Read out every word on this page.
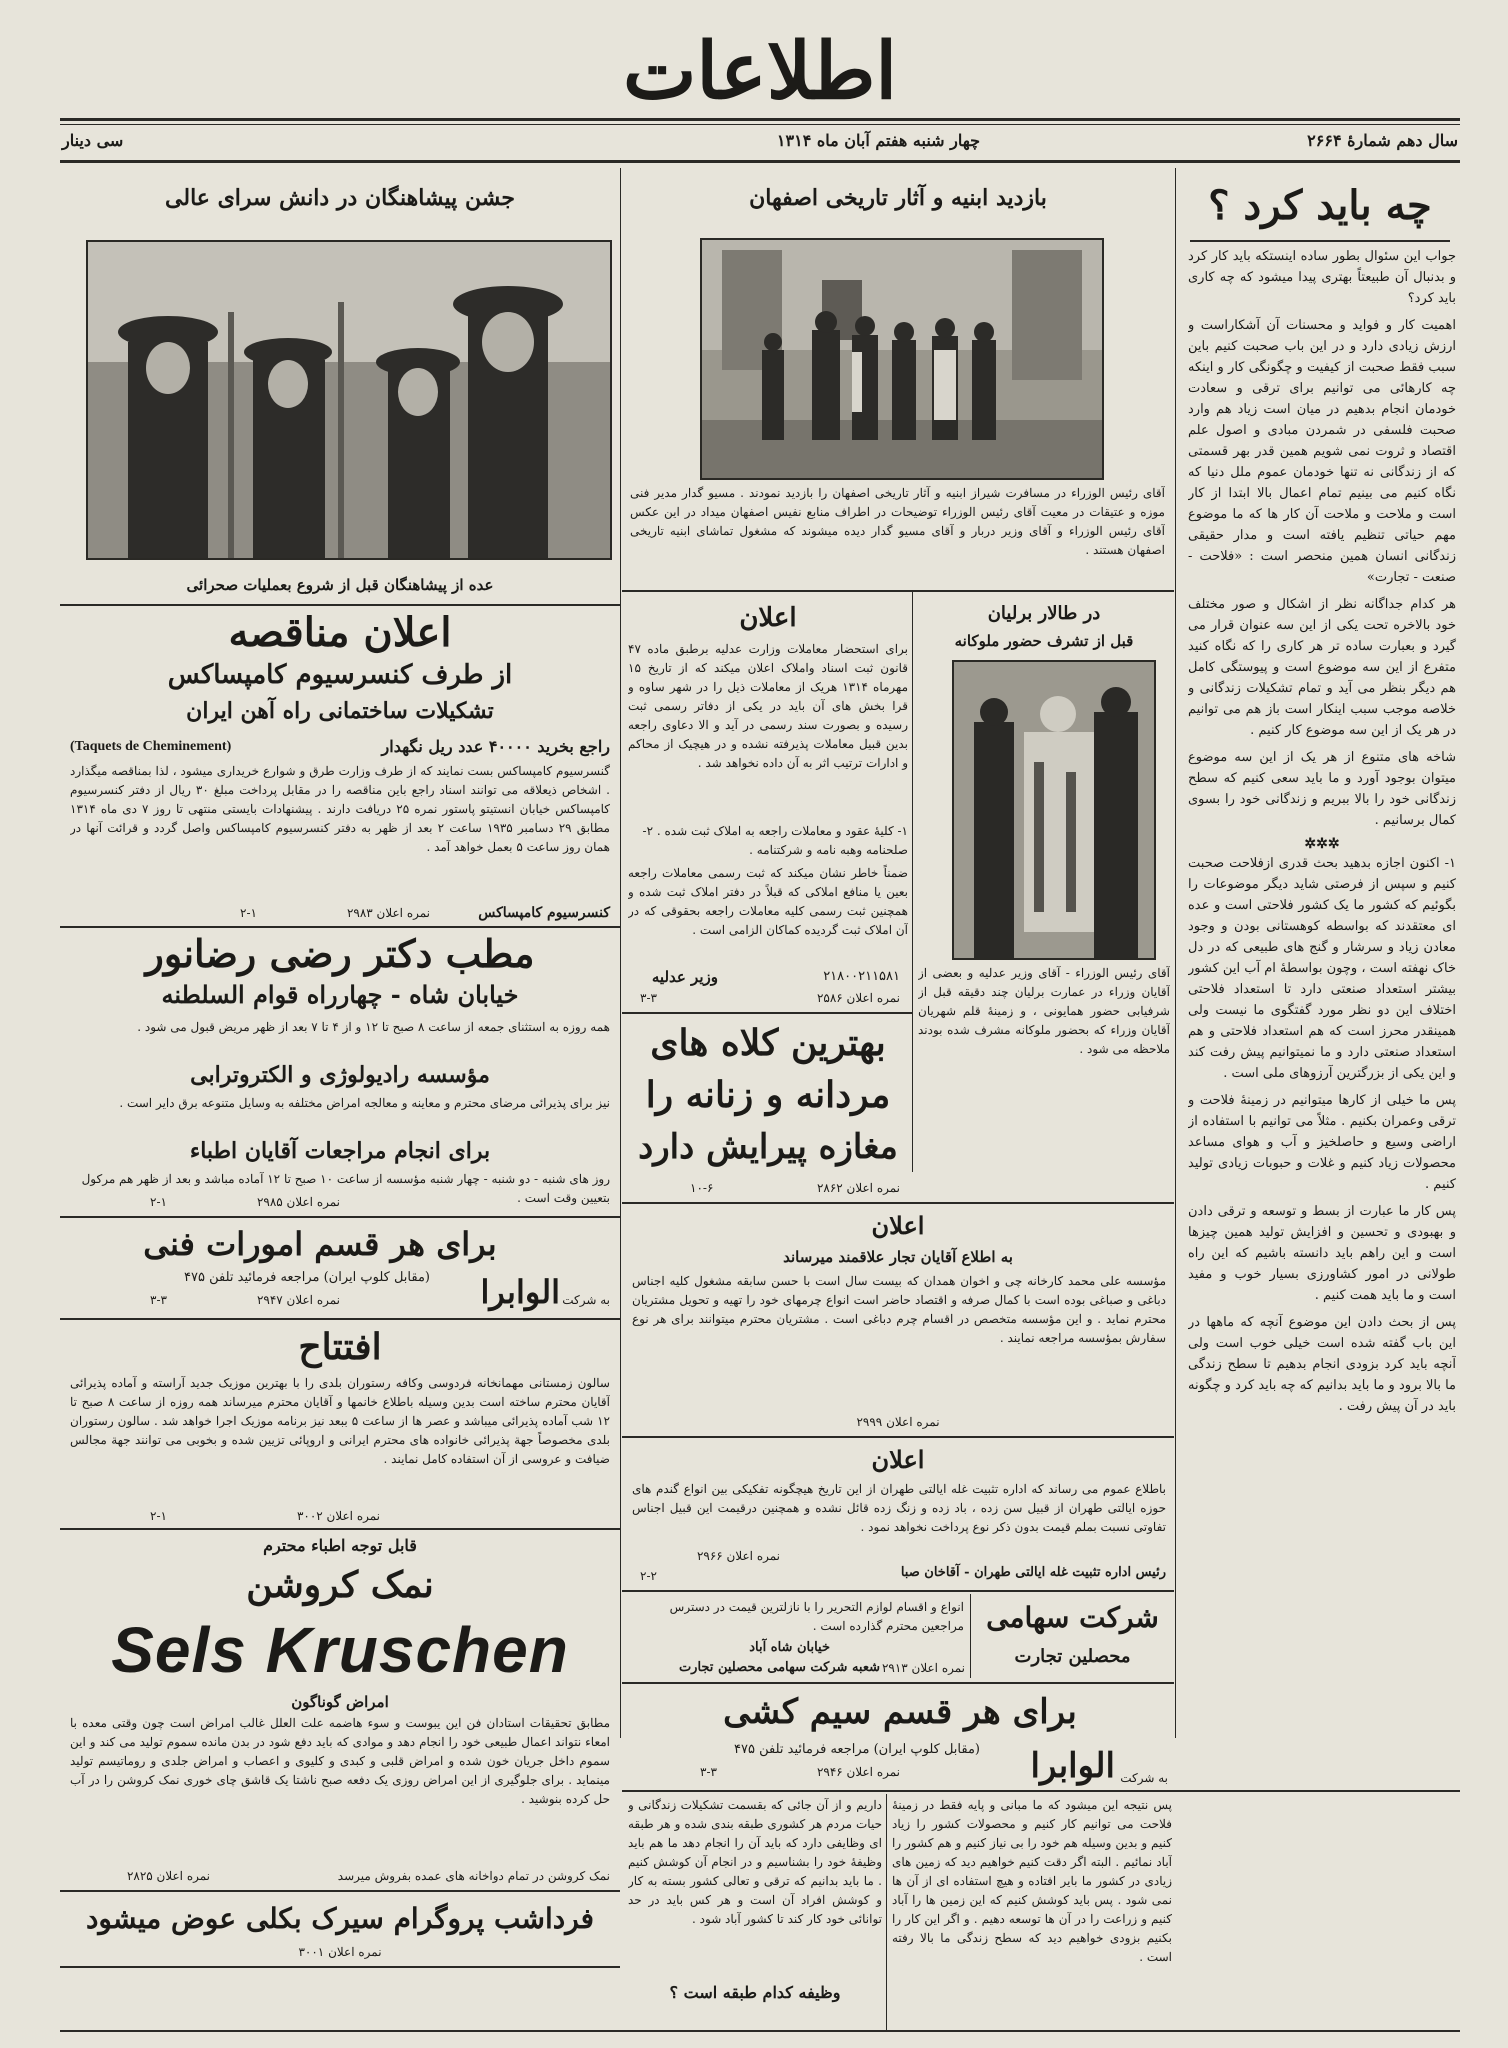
اطلاعات
سال دهم شمارهٔ ۲۶۶۴
چهار شنبه هفتم آبان ماه ۱۳۱۴
سی دینار
چه باید کرد ؟

جواب این سئوال بطور ساده اینستکه باید کار کرد و بدنبال آن طبیعتاً بهتری پیدا میشود که چه کاری باید کرد؟

اهمیت کار و فواید و محسنات آن آشکاراست و ارزش زیادی دارد و در این باب صحبت کنیم باین سبب فقط صحبت از کیفیت و چگونگی کار و اینکه چه کارهائی می توانیم برای ترقی و سعادت خودمان انجام بدهیم در میان است زیاد هم وارد صحبت فلسفی در شمردن مبادی و اصول علم اقتصاد و ثروت نمی شویم همین قدر بهر قسمتی که از زندگانی نه تنها خودمان عموم ملل دنیا که نگاه کنیم می بینیم تمام اعمال بالا ابتدا از کار است و ملاحت و ملاحت آن کار ها که ما موضوع مهم حیاتی تنظیم یافته است و مدار حقیقی زندگانی انسان همین منحصر است : «فلاحت - صنعت - تجارت»

هر کدام جداگانه نظر از اشکال و صور مختلف خود بالاخره تحت یکی از این سه عنوان قرار می گیرد و بعبارت ساده تر هر کاری را که نگاه کنید متفرع از این سه موضوع است و پیوستگی کامل هم دیگر بنظر می آید و تمام تشکیلات زندگانی و خلاصه موجب سبب اینکار است باز هم می توانیم در هر یک از این سه موضوع کار کنیم .

شاخه های متنوع از هر یک از این سه موضوع میتوان بوجود آورد و ما باید سعی کنیم که سطح زندگانی خود را بالا ببریم و زندگانی خود را بسوی کمال برسانیم .

✲✲✲

۱- اکنون اجازه بدهید بحث قدری ازفلاحت صحبت کنیم و سپس از فرصتی شاید دیگر موضوعات را بگوئیم که کشور ما یک کشور فلاحتی است و عده ای معتقدند که بواسطه کوهستانی بودن و وجود معادن زیاد و سرشار و گنج های طبیعی که در دل خاک نهفته است ، وچون بواسطهٔ ام آب این کشور بیشتر استعداد صنعتی دارد تا استعداد فلاحتی اختلاف این دو نظر مورد گفتگوی ما نیست ولی همینقدر محرز است که هم استعداد فلاحتی و هم استعداد صنعتی دارد و ما نمیتوانیم پیش رفت کند و این یکی از بزرگترین آرزوهای ملی است .

پس ما خیلی از کارها میتوانیم در زمینهٔ فلاحت و ترقی وعمران بکنیم . مثلاً می توانیم با استفاده از اراضی وسیع و حاصلخیز و آب و هوای مساعد محصولات زیاد کنیم و غلات و حبوبات زیادی تولید کنیم .

پس کار ما عبارت از بسط و توسعه و ترقی دادن و بهبودی و تحسین و افزایش تولید همین چیزها است و این راهم باید دانسته باشیم که این راه طولانی در امور کشاورزی بسیار خوب و مفید است و ما باید همت کنیم .

پس از بحث دادن این موضوع آنچه که ماهها در این باب گفته شده است خیلی خوب است ولی آنچه باید کرد بزودی انجام بدهیم تا سطح زندگی ما بالا برود و ما باید بدانیم که چه باید کرد و چگونه باید در آن پیش رفت .

بازدید ابنیه و آثار تاریخی اصفهان
آقای رئیس الوزراء در مسافرت شیراز ابنیه و آثار تاریخی اصفهان را بازدید نمودند . مسیو گدار مدیر فنی موزه و عتیقات در معیت آقای رئیس الوزراء توضیحات در اطراف منابع نفیس اصفهان میداد در این عکس آقای رئیس الوزراء و آقای وزیر دربار و آقای مسیو گدار دیده میشوند که مشغول تماشای ابنیه تاریخی اصفهان هستند .
جشن پیشاهنگان در دانش سرای عالی
عده از پیشاهنگان قبل از شروع بعملیات صحرائی
اعلان مناقصه
از طرف کنسرسیوم کامپساکس
تشکیلات ساختمانی راه آهن ایران
راجع بخرید ۴۰۰۰۰ عدد ریل نگهدار
(Taquets de Cheminement)
گنسرسیوم کامپساکس بست نمایند که از طرف وزارت طرق و شوارع خریداری میشود ، لذا بمناقصه میگذارد . اشخاص ذیعلاقه می توانند اسناد راجع باین مناقصه را در مقابل پرداخت مبلغ ۳۰ ریال از دفتر کنسرسیوم کامپساکس خیابان انستیتو پاستور نمره ۲۵ دریافت دارند . پیشنهادات بایستی منتهی تا روز ۷ دی ماه ۱۳۱۴ مطابق ۲۹ دسامبر ۱۹۳۵ ساعت ۲ بعد از ظهر به دفتر کنسرسیوم کامپساکس واصل گردد و قرائت آنها در همان روز ساعت ۵ بعمل خواهد آمد .
کنسرسیوم کامپساکس
نمره اعلان ۲۹۸۳
۲-۱
مطب دکتر رضی رضانور
خیابان شاه - چهارراه قوام السلطنه
همه روزه به استثنای جمعه از ساعت ۸ صبح تا ۱۲ و از ۴ تا ۷ بعد از ظهر مریض قبول می شود .
مؤسسه رادیولوژی و الکتروترابی
نیز برای پذیرائی مرضای محترم و معاینه و معالجه امراض مختلفه به وسایل متنوعه برق دایر است .
برای انجام مراجعات آقایان اطباء
روز های شنبه - دو شنبه - چهار شنبه مؤسسه از ساعت ۱۰ صبح تا ۱۲ آماده مباشد و بعد از ظهر هم مرکول بتعیین وقت است .
نمره اعلان ۲۹۸۵
۲-۱
برای هر قسم امورات فنی
به شرکت
الوابرا
(مقابل کلوپ ایران) مراجعه فرمائید تلفن ۴۷۵
نمره اعلان ۲۹۴۷
۳-۳
افتتاح
سالون زمستانی مهمانخانه فردوسی وکافه رستوران بلدی را با بهترین موزیک جدید آراسته و آماده پذیرائی آقایان محترم ساخته است بدین وسیله باطلاع خانمها و آقایان محترم میرساند همه روزه از ساعت ۸ صبح تا ۱۲ شب آماده پذیرائی میباشد و عصر ها از ساعت ۵ ببعد نیز برنامه موزیک اجرا خواهد شد . سالون رستوران بلدی مخصوصاً جهة پذیرائی خانواده های محترم ایرانی و اروپائی تزیین شده و بخوبی می توانند جهة مجالس ضیافت و عروسی از آن استفاده کامل نمایند .
نمره اعلان ۳۰۰۲
۲-۱
قابل توجه اطباء محترم
نمک کروشن
Sels Kruschen
امراض گوناگون
مطابق تحقیقات استادان فن این یبوست و سوء هاضمه علت العلل غالب امراض است چون وقتی معده با امعاء نتواند اعمال طبیعی خود را انجام دهد و موادی که باید دفع شود در بدن مانده سموم تولید می کند و این سموم داخل جریان خون شده و امراض قلبی و کبدی و کلیوی و اعصاب و امراض جلدی و روماتیسم تولید مینماید . برای جلوگیری از این امراض روزی یک دفعه صبح ناشتا یک قاشق چای خوری نمک کروشن را در آب حل کرده بنوشید .
نمک کروشن در تمام دواخانه های عمده بفروش میرسد
نمره اعلان ۲۸۲۵
فرداشب پروگرام سیرک بکلی عوض میشود
نمره اعلان ۳۰۰۱
در طالار برلیان
قبل از تشرف حضور ملوکانه
آقای رئیس الوزراء - آقای وزیر عدلیه و بعضی از آقایان وزراء در عمارت برلیان چند دقیقه قبل از شرفیابی حضور همایونی ، و زمینهٔ قلم شهریان آقایان وزراء که بحضور ملوکانه مشرف شده بودند ملاحظه می شود .
اعلان
برای استحضار معاملات وزارت عدلیه برطبق ماده ۴۷ قانون ثبت اسناد واملاک اعلان میکند که از تاریخ ۱۵ مهرماه ۱۳۱۴ هریک از معاملات ذیل را در شهر ساوه و قرا بخش های آن باید در یکی از دفاتر رسمی ثبت رسیده و بصورت سند رسمی در آید و الا دعاوی راجعه بدین قبیل معاملات پذیرفته نشده و در هیچیک از محاکم و ادارات ترتیب اثر به آن داده نخواهد شد .
۱- کلیهٔ عقود و معاملات راجعه به املاک ثبت شده . ۲- صلحنامه وهبه نامه و شرکتنامه .
ضمناً خاطر نشان میکند که ثبت رسمی معاملات راجعه بعین یا منافع املاکی که قبلاً در دفتر املاک ثبت شده و همچنین ثبت رسمی کلیه معاملات راجعه بحقوقی که در آن املاک ثبت گردیده کماکان الزامی است .
وزیر عدلیه	۲۱۸۰۰۲۱۱۵۸۱
نمره اعلان ۲۵۸۶
۳-۳
بهترین کلاه های
مردانه و زنانه را
مغازه پیرایش دارد
نمره اعلان ۲۸۶۲
۱۰-۶
اعلان
به اطلاع آقایان تجار علاقمند میرساند
مؤسسه علی محمد کارخانه چی و اخوان همدان که بیست سال است با حسن سابقه مشغول کلیه اجناس دباغی و صباغی بوده است با کمال صرفه و اقتصاد حاضر است انواع چرمهای خود را تهیه و تحویل مشتریان محترم نماید . و این مؤسسه متخصص در اقسام چرم دباغی است . مشتریان محترم میتوانند برای هر نوع سفارش بمؤسسه مراجعه نمایند .
نمره اعلان ۲۹۹۹
اعلان
باطلاع عموم می رساند که اداره تثبیت غله ایالتی طهران از این تاریخ هیچگونه تفکیکی بین انواع گندم های حوزه ایالتی طهران از قبیل سن زده ، باد زده و زنگ زده قائل نشده و همچنین درقیمت این قبیل اجناس تفاوتی نسبت بملم قیمت بدون ذکر نوع پرداخت نخواهد نمود .
رئیس اداره تثبیت غله ایالتی طهران - آقاخان صبا
نمره اعلان ۲۹۶۶
۲-۲
شرکت سهامی
محصلین تجارت
انواع و اقسام لوازم التحریر را با نازلترین قیمت در دسترس مراجعین محترم گذارده است .
خیابان شاه آباد
شعبه شرکت سهامی محصلین تجارت نمره اعلان ۲۹۱۳
برای هر قسم سیم کشی
به شرکت
الوابرا
(مقابل کلوپ ایران) مراجعه فرمائید تلفن ۴۷۵
نمره اعلان ۲۹۴۶
۳-۳
پس نتیجه این میشود که ما مبانی و پایه فقط در زمینهٔ فلاحت می توانیم کار کنیم و محصولات کشور را زیاد کنیم و بدین وسیله هم خود را بی نیاز کنیم و هم کشور را آباد نمائیم . البته اگر دقت کنیم خواهیم دید که زمین های زیادی در کشور ما بایر افتاده و هیچ استفاده ای از آن ها نمی شود . پس باید کوشش کنیم که این زمین ها را آباد کنیم و زراعت را در آن ها توسعه دهیم . و اگر این کار را بکنیم بزودی خواهیم دید که سطح زندگی ما بالا رفته است .
داریم و از آن جائی که بقسمت تشکیلات زندگانی و حیات مردم هر کشوری طبقه بندی شده و هر طبقه ای وظایفی دارد که باید آن را انجام دهد ما هم باید وظیفهٔ خود را بشناسیم و در انجام آن کوشش کنیم . ما باید بدانیم که ترقی و تعالی کشور بسته به کار و کوشش افراد آن است و هر کس باید در حد توانائی خود کار کند تا کشور آباد شود .
وظیفه کدام طبقه است ؟
